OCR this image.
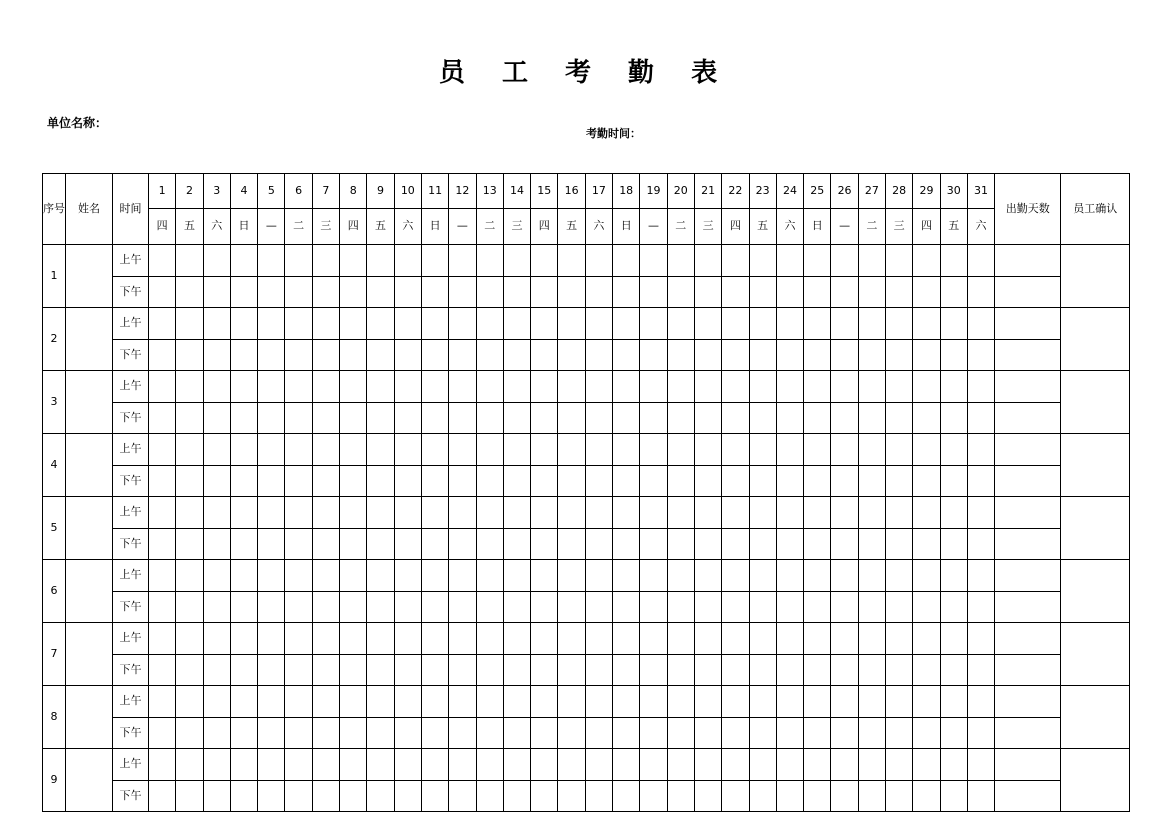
员 工 考 勤 表
单位名称：
考勤时间：
序号	姓名	时间	1	2	3	4	5	6	7	8	9	10	11	12	13	14	15	16	17	18	19	20	21	22	23	24	25	26	27	28	29	30	31	出勤天数	员工确认
			四	五	六	日	—	二	三	四	五	六	日	—	二	三	四	五	六	日	—	二	三	四	五	六	日	—	二	三	四	五	六		
1		上午																																	
		下午																																	
2		上午																																	
		下午																																	
3		上午																																	
		下午																																	
4		上午																																	
		下午																																	
5		上午																																	
		下午																																	
6		上午																																	
		下午																																	
7		上午																																	
		下午																																	
8		上午																																	
		下午																																	
9		上午																																	
		下午																																	
